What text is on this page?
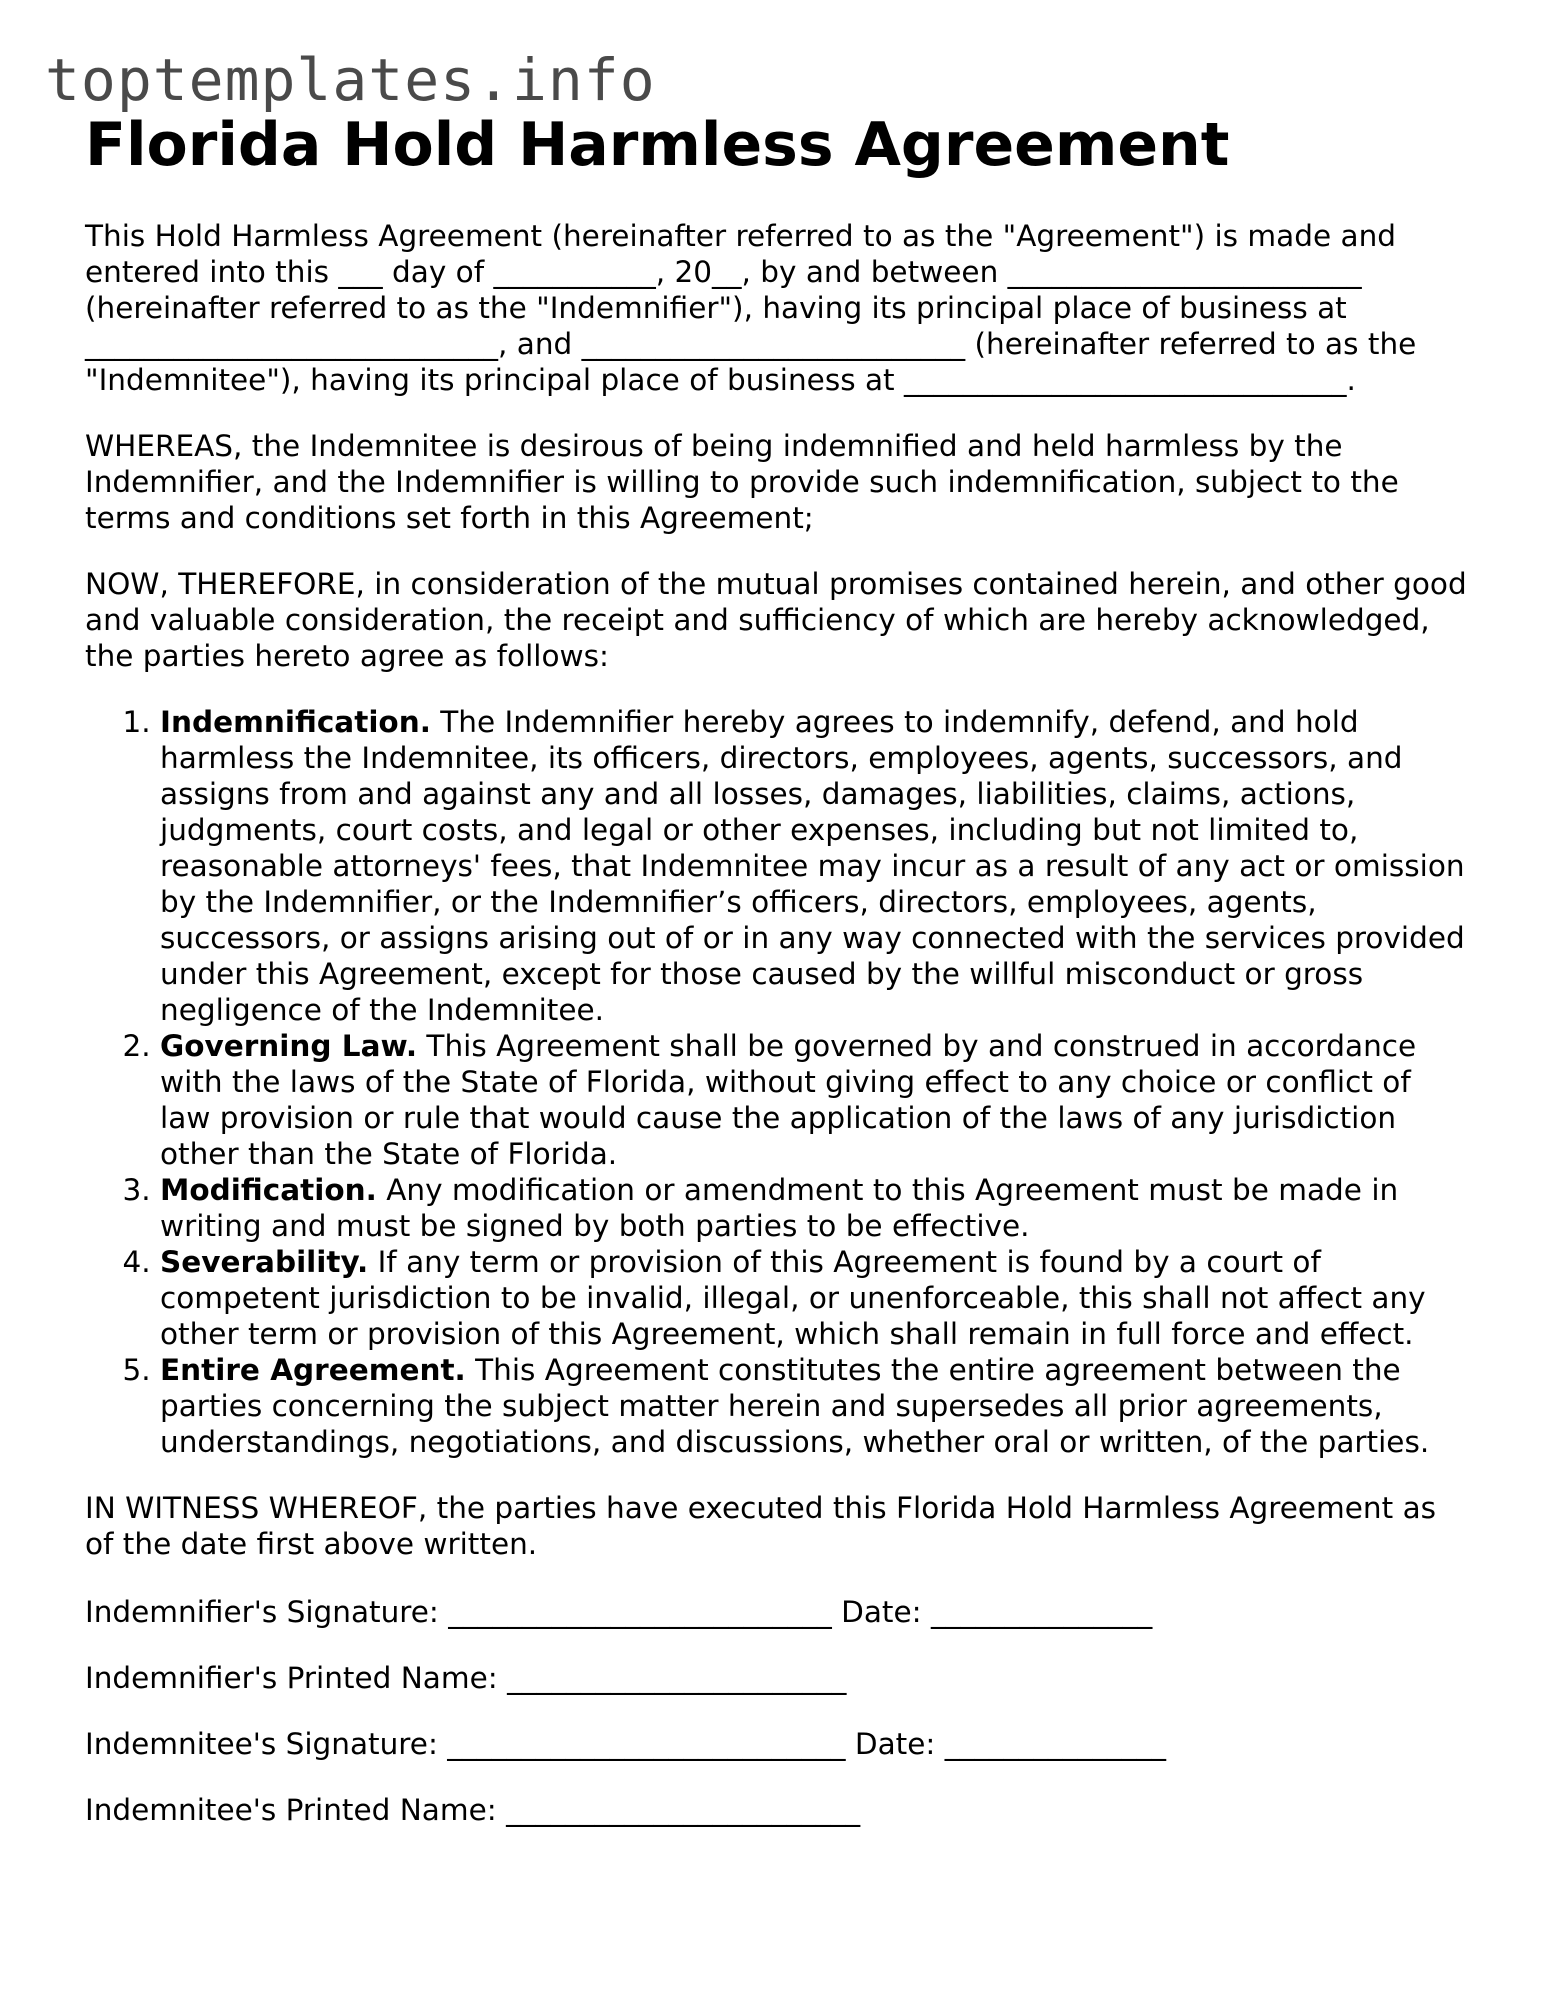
toptemplates.info
Florida Hold Harmless Agreement

This Hold Harmless Agreement (hereinafter referred to as the "Agreement") is made and entered into this ___ day of ___________, 20__, by and between ________________________ (hereinafter referred to as the "Indemnifier"), having its principal place of business at ____________________________, and __________________________ (hereinafter referred to as the "Indemnitee"), having its principal place of business at ______________________________.

WHEREAS, the Indemnitee is desirous of being indemnified and held harmless by the Indemnifier, and the Indemnifier is willing to provide such indemnification, subject to the terms and conditions set forth in this Agreement;

NOW, THEREFORE, in consideration of the mutual promises contained herein, and other good and valuable consideration, the receipt and sufficiency of which are hereby acknowledged, the parties hereto agree as follows:

1. Indemnification. The Indemnifier hereby agrees to indemnify, defend, and hold harmless the Indemnitee, its officers, directors, employees, agents, successors, and assigns from and against any and all losses, damages, liabilities, claims, actions, judgments, court costs, and legal or other expenses, including but not limited to, reasonable attorneys' fees, that Indemnitee may incur as a result of any act or omission by the Indemnifier, or the Indemnifier’s officers, directors, employees, agents, successors, or assigns arising out of or in any way connected with the services provided under this Agreement, except for those caused by the willful misconduct or gross negligence of the Indemnitee.
2. Governing Law. This Agreement shall be governed by and construed in accordance with the laws of the State of Florida, without giving effect to any choice or conflict of law provision or rule that would cause the application of the laws of any jurisdiction other than the State of Florida.
3. Modification. Any modification or amendment to this Agreement must be made in writing and must be signed by both parties to be effective.
4. Severability. If any term or provision of this Agreement is found by a court of competent jurisdiction to be invalid, illegal, or unenforceable, this shall not affect any other term or provision of this Agreement, which shall remain in full force and effect.
5. Entire Agreement. This Agreement constitutes the entire agreement between the parties concerning the subject matter herein and supersedes all prior agreements, understandings, negotiations, and discussions, whether oral or written, of the parties.

IN WITNESS WHEREOF, the parties have executed this Florida Hold Harmless Agreement as of the date first above written.

Indemnifier's Signature: __________________________ Date: _______________

Indemnifier's Printed Name: _______________________

Indemnitee's Signature: ___________________________ Date: _______________

Indemnitee's Printed Name: ________________________
